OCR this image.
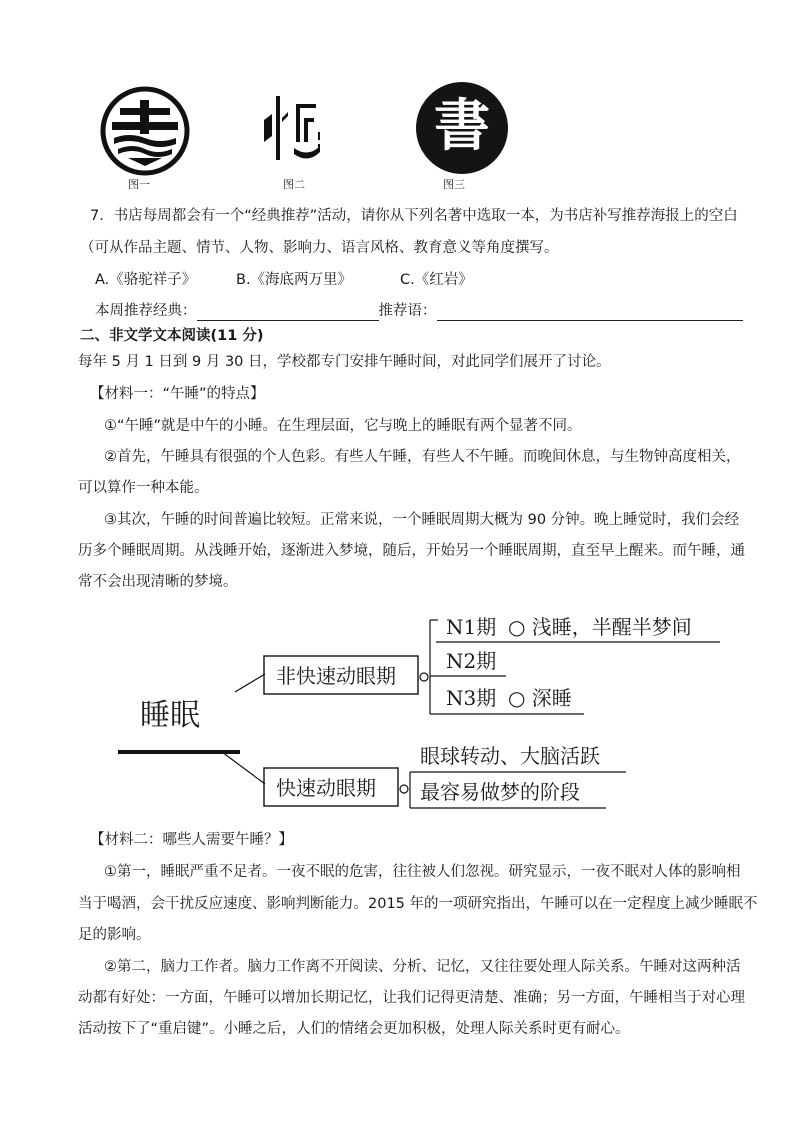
图一	图二
書
图三
7．书店每周都会有一个“经典推荐”活动，请你从下列名著中选取一本，为书店补写推荐海报上的空白
（可从作品主题、情节、人物、影响力、语言风格、教育意义等角度撰写。
A.《骆驼祥子》	B.《海底两万里》	C.《红岩》
本周推荐经典：	推荐语：
二、非文学文本阅读(11 分)
每年 5 月 1 日到 9 月 30 日，学校都专门安排午睡时间，对此同学们展开了讨论。
【材料一：“午睡”的特点】
①“午睡”就是中午的小睡。在生理层面，它与晚上的睡眠有两个显著不同。
②首先，午睡具有很强的个人色彩。有些人午睡，有些人不午睡。而晚间休息，与生物钟高度相关，
可以算作一种本能。
③其次，午睡的时间普遍比较短。正常来说，一个睡眠周期大概为 90 分钟。晚上睡觉时，我们会经
历多个睡眠周期。从浅睡开始，逐渐进入梦境，随后，开始另一个睡眠周期，直至早上醒来。而午睡，通
常不会出现清晰的梦境。
睡眠
非快速动眼期
N1期 ○ 浅睡，半醒半梦间
N2期
N3期 ○ 深睡
快速动眼期
眼球转动、大脑活跃
最容易做梦的阶段
【材料二：哪些人需要午睡？】
①第一，睡眠严重不足者。一夜不眠的危害，往往被人们忽视。研究显示，一夜不眠对人体的影响相
当于喝酒，会干扰反应速度、影响判断能力。2015 年的一项研究指出，午睡可以在一定程度上减少睡眠不
足的影响。
②第二，脑力工作者。脑力工作离不开阅读、分析、记忆，又往往要处理人际关系。午睡对这两种活
动都有好处：一方面，午睡可以增加长期记忆，让我们记得更清楚、准确；另一方面，午睡相当于对心理
活动按下了“重启键”。小睡之后，人们的情绪会更加积极，处理人际关系时更有耐心。
